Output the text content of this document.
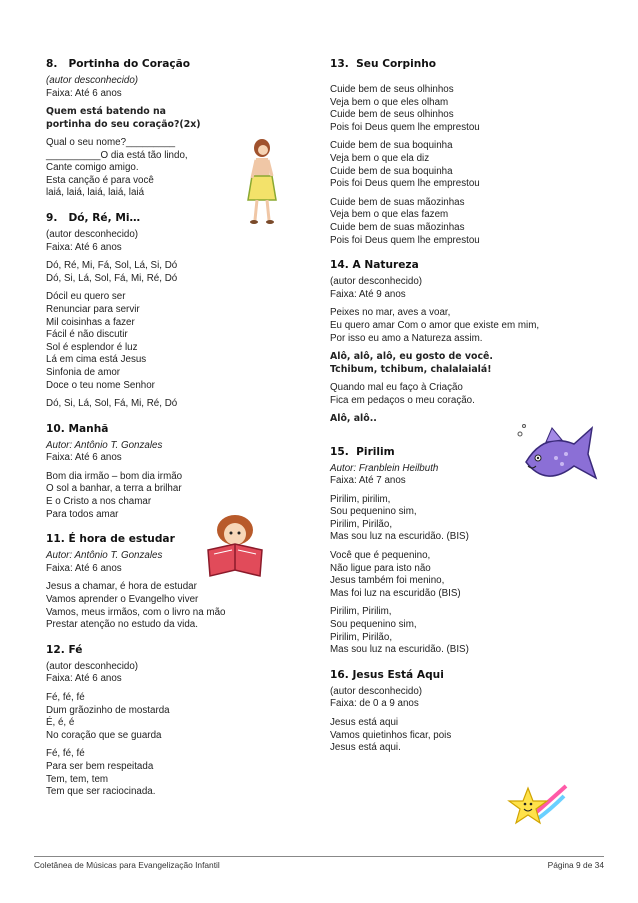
8. Portinha do Coração
(autor desconhecido)
Faixa: Até 6 anos
Quem está batendo na
portinha do seu coração?(2x)
Qual o seu nome?_________
__________O dia está tão lindo,
Cante comigo amigo.
Esta canção é para você
laiá, laiá, laiá, laiá, laiá
9. Dó, Ré, Mi…
(autor desconhecido)
Faixa: Até 6 anos
Dó, Ré, Mi, Fá, Sol, Lá, Si, Dó
Dó, Si, Lá, Sol, Fá, Mi, Ré, Dó
Dócil eu quero ser
Renunciar para servir
Mil coisinhas a fazer
Fácil é não discutir
Sol é esplendor é luz
Lá em cima está Jesus
Sinfonia de amor
Doce o teu nome Senhor
Dó, Si, Lá, Sol, Fá, Mi, Ré, Dó
10. Manhã
Autor: Antônio T. Gonzales
Faixa: Até 6 anos
Bom dia irmão – bom dia irmão
O sol a banhar, a terra a brilhar
E o Cristo a nos chamar
Para todos amar
11. É hora de estudar
Autor: Antônio T. Gonzales
Faixa: Até 6 anos
Jesus a chamar, é hora de estudar
Vamos aprender o Evangelho viver
Vamos, meus irmãos, com o livro na mão
Prestar atenção no estudo da vida.
12. Fé
(autor desconhecido)
Faixa: Até 6 anos
Fé, fé, fé
Dum grãozinho de mostarda
É, é, é
No coração que se guarda
Fé, fé, fé
Para ser bem respeitada
Tem, tem, tem
Tem que ser raciocinada.
13. Seu Corpinho
Cuide bem de seus olhinhos
Veja bem o que eles olham
Cuide bem de seus olhinhos
Pois foi Deus quem lhe emprestou
Cuide bem de sua boquinha
Veja bem o que ela diz
Cuide bem de sua boquinha
Pois foi Deus quem lhe emprestou
Cuide bem de suas mãozinhas
Veja bem o que elas fazem
Cuide bem de suas mãozinhas
Pois foi Deus quem lhe emprestou
14. A Natureza
(autor desconhecido)
Faixa: Até 9 anos
Peixes no mar, aves a voar,
Eu quero amar Com o amor que existe em mim,
Por isso eu amo a Natureza assim.
Alô, alô, alô, eu gosto de você.
Tchibum, tchibum, chalalaialá!
Quando mal eu faço à Criação
Fica em pedaços o meu coração.
Alô, alô..
15. Pirilim
Autor: Franblein Heilbuth
Faixa: Até 7 anos
Pirilim, pirilim,
Sou pequenino sim,
Pirilim, Pirilão,
Mas sou luz na escuridão. (BIS)
Você que é pequenino,
Não ligue para isto não
Jesus também foi menino,
Mas foi luz na escuridão (BIS)
Pirilim, Pirilim,
Sou pequenino sim,
Pirilim, Pirilão,
Mas sou luz na escuridão. (BIS)
16. Jesus Está Aqui
(autor desconhecido)
Faixa: de 0 a 9 anos
Jesus está aqui
Vamos quietinhos ficar, pois
Jesus está aqui.
Coletânea de Músicas para Evangelização Infantil	Página 9 de 34
